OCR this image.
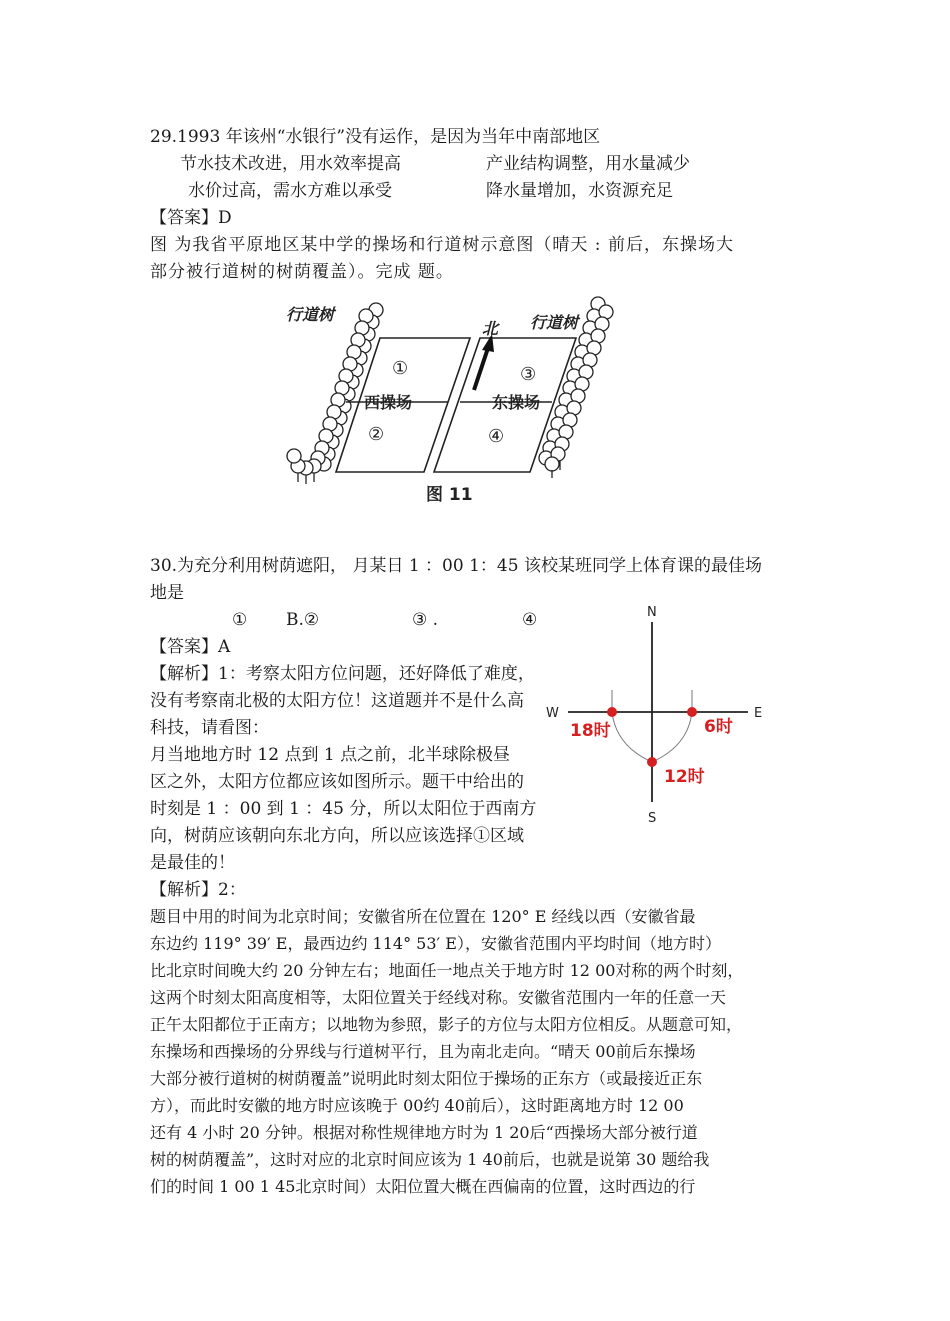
29.1993 年该州“水银行”没有运作，是因为当年中南部地区
节水技术改进，用水效率提高	产业结构调整，用水量减少
水价过高，需水方难以承受	降水量增加，水资源充足
【答案】D
图 为我省平原地区某中学的操场和行道树示意图（晴天 : 前后，东操场大
部分被行道树的树荫覆盖）。完成 题。
行道树	行道树
北
①
②
③
④
西操场	东操场
图 11
30.为充分利用树荫遮阳， 月某日 1 ：00 1：45 该校某班同学上体育课的最佳场
地是
① B.②	③ .	④
【答案】A
【解析】1：考察太阳方位问题，还好降低了难度，
没有考察南北极的太阳方位！这道题并不是什么高
科技，请看图：
月当地地方时 12 点到 1 点之前，北半球除极昼
区之外，太阳方位都应该如图所示。题干中给出的
时刻是 1 ：00 到 1 ：45 分，所以太阳位于西南方
向，树荫应该朝向东北方向，所以应该选择①区域
是最佳的！
N
S
W	E
18时	6时
12时
【解析】2：
题目中用的时间为北京时间；安徽省所在位置在 120° E 经线以西（安徽省最
东边约 119° 39′ E，最西边约 114° 53′ E），安徽省范围内平均时间（地方时）
比北京时间晚大约 20 分钟左右；地面任一地点关于地方时 12 00对称的两个时刻，
这两个时刻太阳高度相等，太阳位置关于经线对称。安徽省范围内一年的任意一天
正午太阳都位于正南方；以地物为参照，影子的方位与太阳方位相反。从题意可知，
东操场和西操场的分界线与行道树平行，且为南北走向。“晴天 00前后东操场
大部分被行道树的树荫覆盖”说明此时刻太阳位于操场的正东方（或最接近正东
方），而此时安徽的地方时应该晚于 00约 40前后），这时距离地方时 12 00
还有 4 小时 20 分钟。根据对称性规律地方时为 1 20后“西操场大部分被行道
树的树荫覆盖”，这时对应的北京时间应该为 1 40前后，也就是说第 30 题给我
们的时间 1 00 1 45北京时间）太阳位置大概在西偏南的位置，这时西边的行
